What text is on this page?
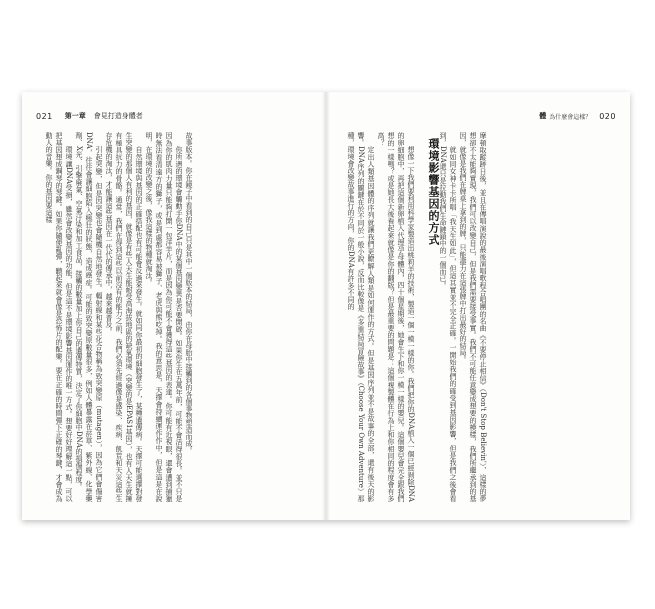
021 第一章 會見打造身體者

故事版本。你在鏡子中看到的自己只是其中一個版本的結局，由你在母胎中接觸到的各個事物塑造而成。

你所遇的環境會觸動手你DNA中的某個基因變異是否要開啟。如果你生在五萬年前，可能不會活得很長。並不只是因為你的肌肉力量只能夠打開一包洋芋片，而是因為你可能不會獲得這些基因的表達。你可能有近視眼，還會遭到捕獵時無法看清遠方的獅子，或是到處都容易被獅子、老虎與熊吃掉。我的意思是，天擇會持續運作作中，但是這是在說明，在環境的改變之後，像我這樣的物種就淘汰。

自然環境與基因的正確搭配也有可能會反過來發生。就如同你最初的細胞發生了，某種遺傳病。天擇可能選擇對發生突變的那個人有利的基因，就像是有些人天生能耐受高海拔地區的缺氧環境（突變的是EPAS1基因），也有人天生就擁有極具抗力的骨骼。通常，我們在得到這些以前沒有的能力之前，我們必須先經過像是感染、疾病、飢荒和天災這些生存危機的淘汰，才能讓這些基因在一代代的傳承中，越來越普及。

引起突變，但是因突變也會隨機自然地發生。輻射線和某些化合物稱為致突變原（mutagen），因為它們會傷害DNA，往往會讓細胞陷入瘋狂的狀態，造成癌症。可能的致突變原數量很多，例如人體暴露在菸草、紫外線、化學藥劑、X光、引擎廢氣、空氣汙染和加工食品，接觸的數量加上你自己的遺傳特質，決定了你細胞中DNA的損傷程度。

環境讓DNA受損，雖然會改變基因的功能，但是這不是環境影響基因運作的唯一方式。想要好好理解這一點，可以把基因想成鋼琴的琴鍵。如果你隨便亂彈，聽起來就會像是恐怖片的配樂。要在正確的時間彈下正確的琴鍵，才會成為動人的音樂。你的基因要這樣

體 為什麼會這樣？ 020

摩頓取蹤跡日後，並且在傳唱演說的最後演唱歌程合唱團的名曲《不要停止相信》（Don't Stop Believin'），這樣的夢想卻不太能夠實現，我們可以改變自己，但是我們需要接受事實。我們不可能任意變成想要的模樣，我們所繼承到的基因，就像是我們在牌桌上拿到的牌，只能盡力在這張牌中打出最好的結局。

就如同女神卡卡所唱「我天生如此」，但這其實並不完全正確。一開始我們的確受到基因影響，但是我們之後會看到，DNA還只是拉動我們生命鏈鎖中的一個而已。

環境影響基因的方式

想像一下我們要利用科學家製造出桃莉羊的技術，製造一個一模一樣的你。我們把你的DNA植入一個已經剝除DNA的卵細胞中，再把這個新卵植入代理孕母體內，四十個星期後，她會生下和你一模一樣的嬰兒。這個嬰兒會完全跟我們想的一樣嗎？或是她長大後看起來就像是你的翻版？但是最重要的問題是：這個複製體在行為上和你相同的程度會有多高？

定出人類基因體的序列就讓我們更瞭解人類是如何運作的方式。但是基因序列並不是故事的全部，還有後天的影響。DNA序列的關鍵在於不同於一般小說，反而比較像是《多重結局冒險故事》（Choose Your Own Adventure）那種，環境會改變故事進行的方向，你的DNA有許多不同的
